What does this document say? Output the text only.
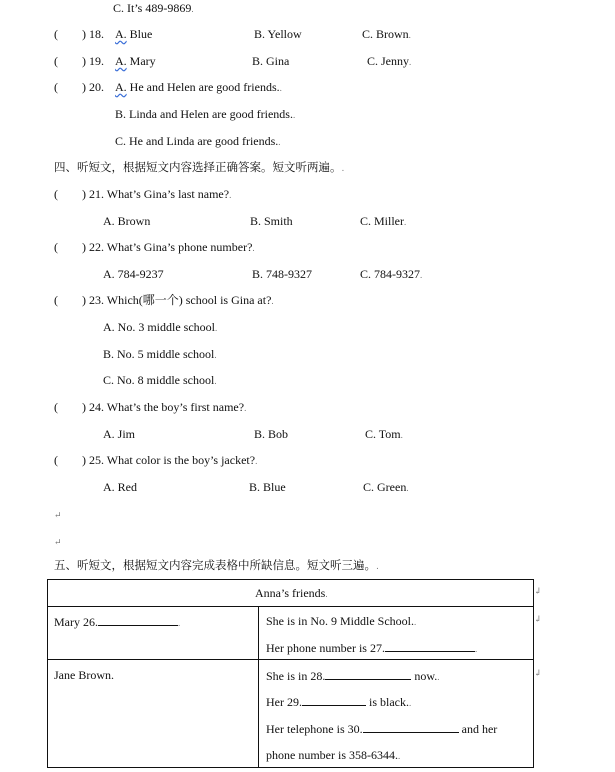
C. It’s 489-9869.
( ) 18. A. Blue	B. Yellow	C. Brown.
( ) 19. A. Mary	B. Gina	C. Jenny.
( ) 20. A. He and Helen are good friends..
B. Linda and Helen are good friends..
C. He and Linda are good friends..
四、听短文，根据短文内容选择正确答案。短文听两遍。.
( ) 21. What’s Gina’s last name?.
A. Brown	B. Smith	C. Miller.
( ) 22. What’s Gina’s phone number?.
A. 784-9237	B. 748-9327	C. 784-9327.
( ) 23. Which(哪一个) school is Gina at?.
A. No. 3 middle school.
B. No. 5 middle school.
C. No. 8 middle school.
( ) 24. What’s the boy’s first name?.
A. Jim	B. Bob	C. Tom.
( ) 25. What color is the boy’s jacket?.
A. Red	B. Blue	C. Green.
↵
↵
五、听短文，根据短文内容完成表格中所缺信息。短文听三遍。.
Anna’s friends.	↲
Mary 26.	.	She is in No. 9 Middle School..
Her phone number is 27.	.
↲
Jane Brown.	She is in 28.	now..
Her 29.	is black..
Her telephone is 30.	and her
phone number is 358-6344..
↲
